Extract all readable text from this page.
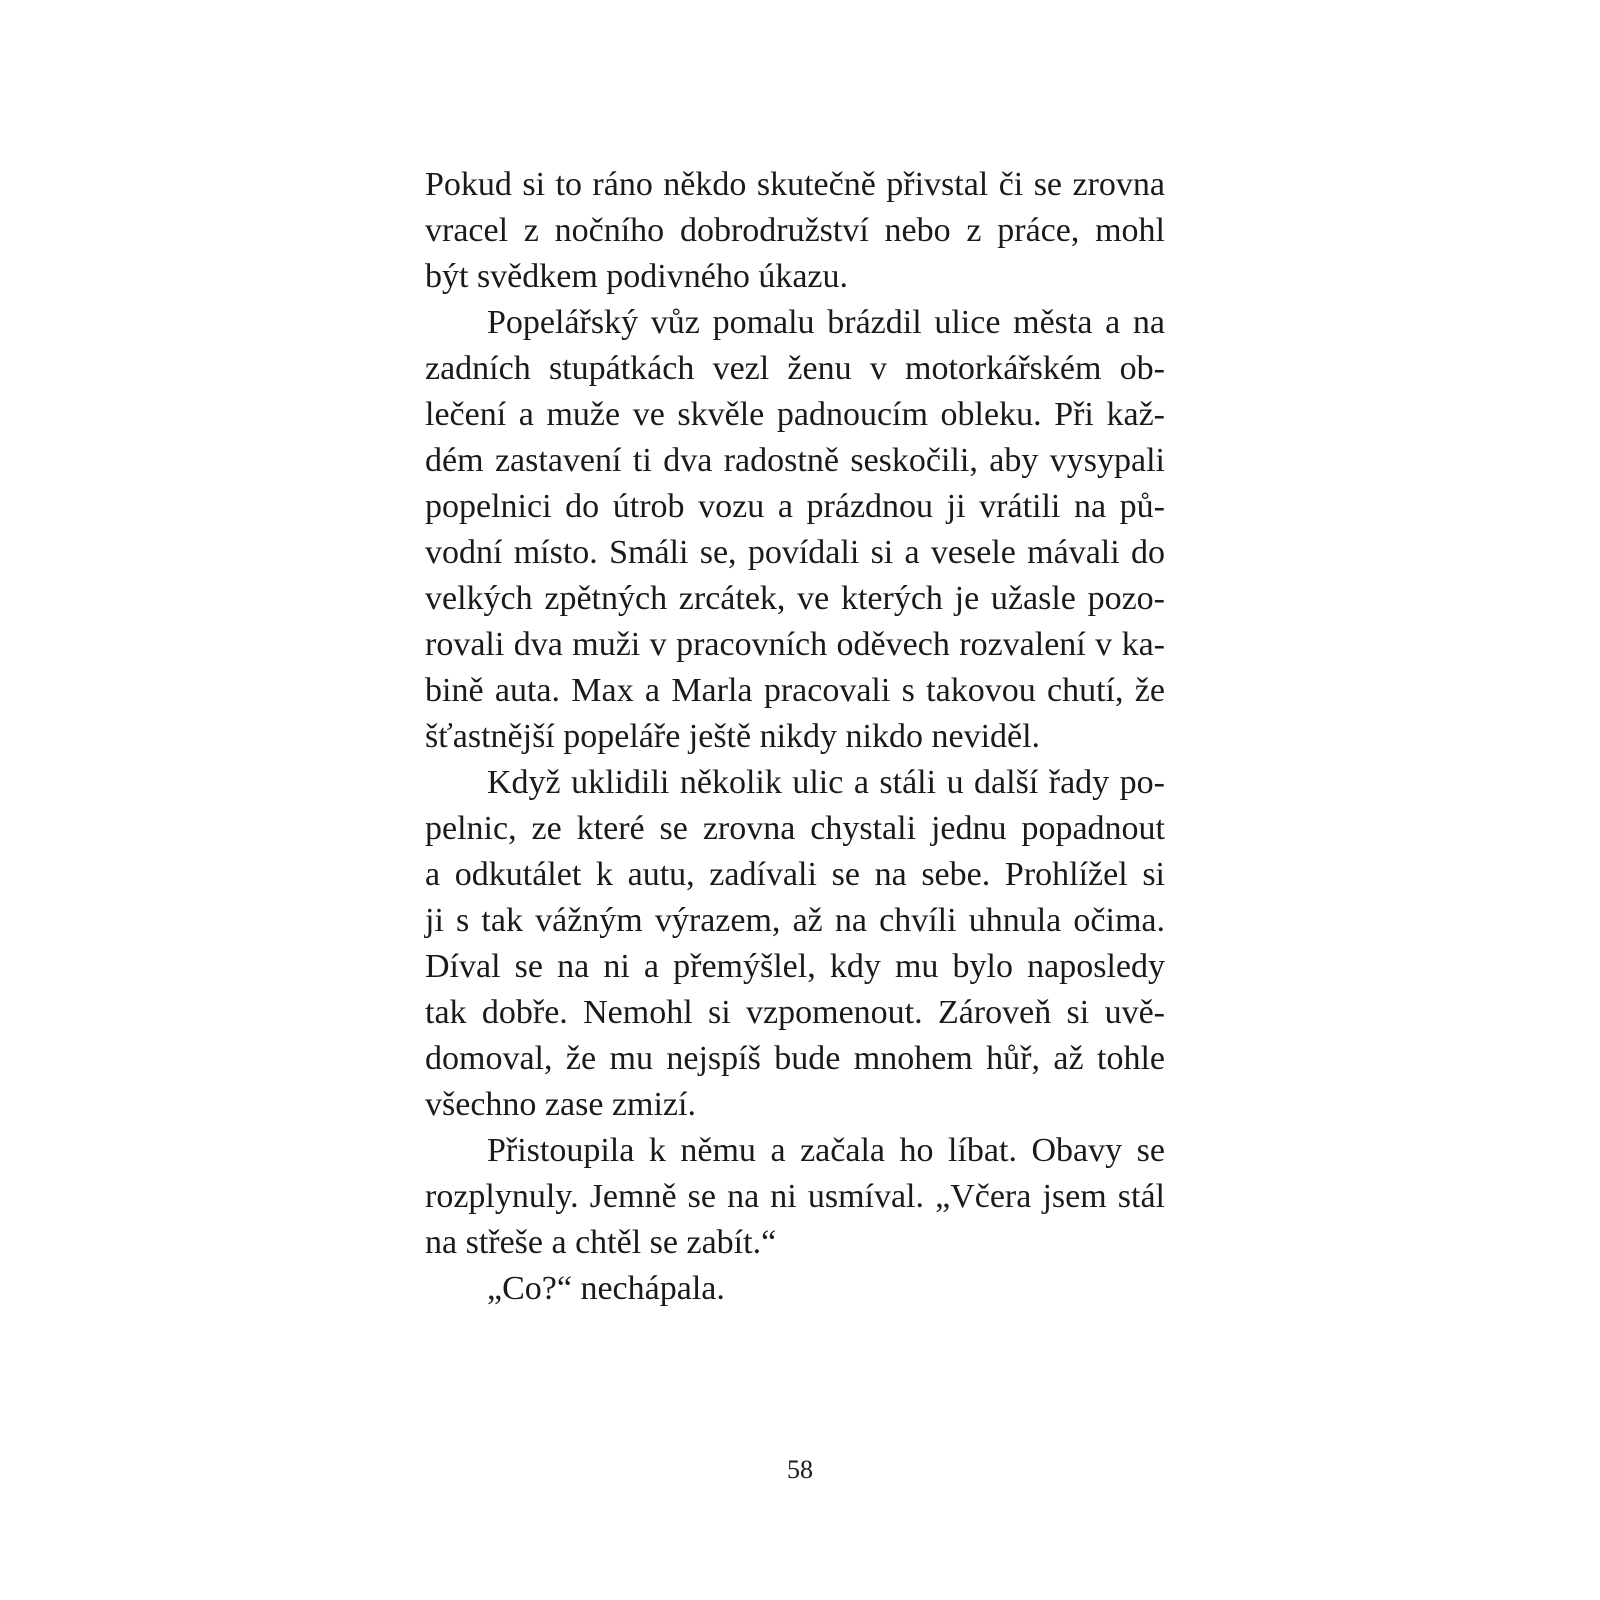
Pokud si to ráno někdo skutečně přivstal či se zrovna
vracel z nočního dobrodružství nebo z práce, mohl
být svědkem podivného úkazu.
Popelářský vůz pomalu brázdil ulice města a na
zadních stupátkách vezl ženu v motorkářském ob-
lečení a muže ve skvěle padnoucím obleku. Při kaž-
dém zastavení ti dva radostně seskočili, aby vysypali
popelnici do útrob vozu a prázdnou ji vrátili na pů-
vodní místo. Smáli se, povídali si a vesele mávali do
velkých zpětných zrcátek, ve kterých je užasle pozo-
rovali dva muži v pracovních oděvech rozvalení v ka-
bině auta. Max a Marla pracovali s takovou chutí, že
šťastnější popeláře ještě nikdy nikdo neviděl.
Když uklidili několik ulic a stáli u další řady po-
pelnic, ze které se zrovna chystali jednu popadnout
a odkutálet k autu, zadívali se na sebe. Prohlížel si
ji s tak vážným výrazem, až na chvíli uhnula očima.
Díval se na ni a přemýšlel, kdy mu bylo naposledy
tak dobře. Nemohl si vzpomenout. Zároveň si uvě-
domoval, že mu nejspíš bude mnohem hůř, až tohle
všechno zase zmizí.
Přistoupila k němu a začala ho líbat. Obavy se
rozplynuly. Jemně se na ni usmíval. „Včera jsem stál
na střeše a chtěl se zabít.“
„Co?“ nechápala.
58
